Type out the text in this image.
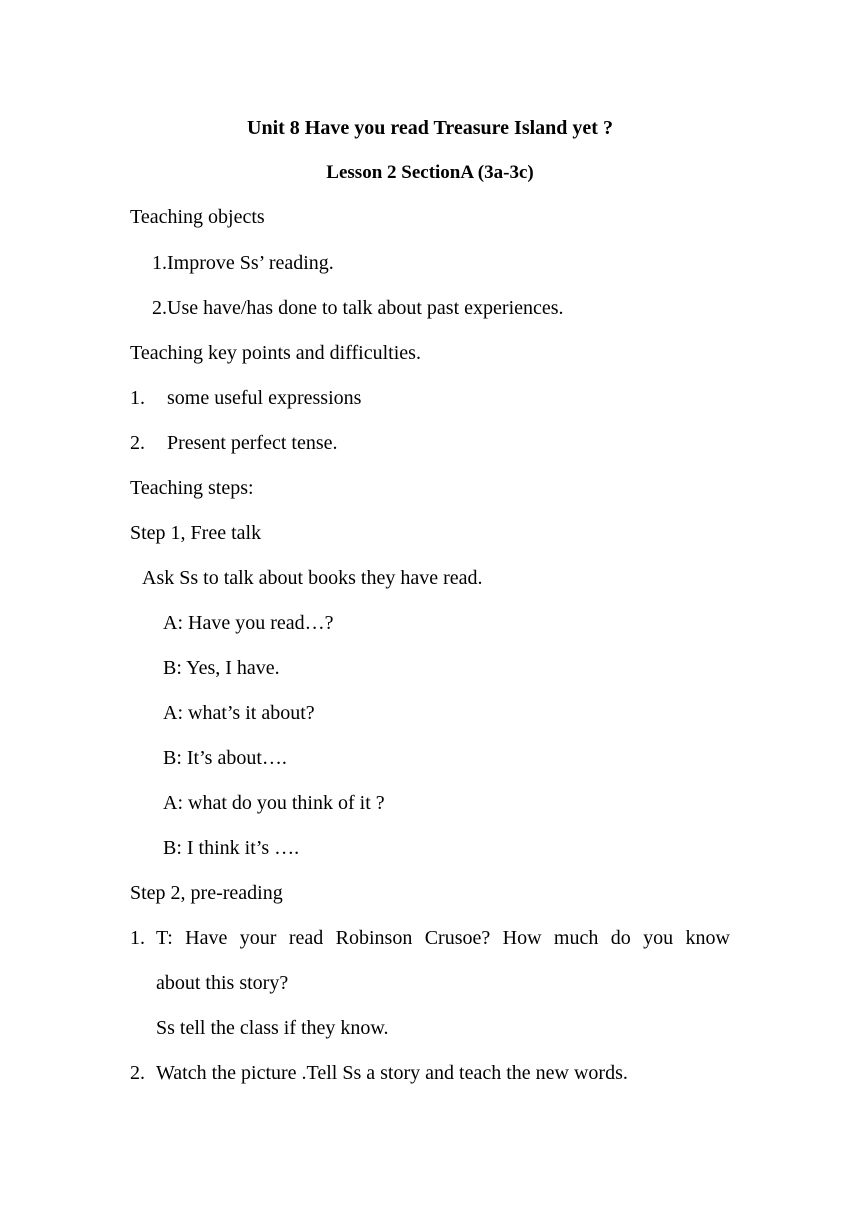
Unit 8 Have you read Treasure Island yet ?
Lesson 2 SectionA (3a-3c)
Teaching objects
1.Improve Ss’ reading.
2.Use have/has done to talk about past experiences.
Teaching key points and difficulties.
1. some useful expressions
2. Present perfect tense.
Teaching steps:
Step 1, Free talk
Ask Ss to talk about books they have read.
A: Have you read…?
B: Yes, I have.
A: what’s it about?
B: It’s about….
A: what do you think of it ?
B: I think it’s ….
Step 2, pre-reading
1. T: Have your read Robinson Crusoe? How much do you know
about this story?
Ss tell the class if they know.
2. Watch the picture .Tell Ss a story and teach the new words.
